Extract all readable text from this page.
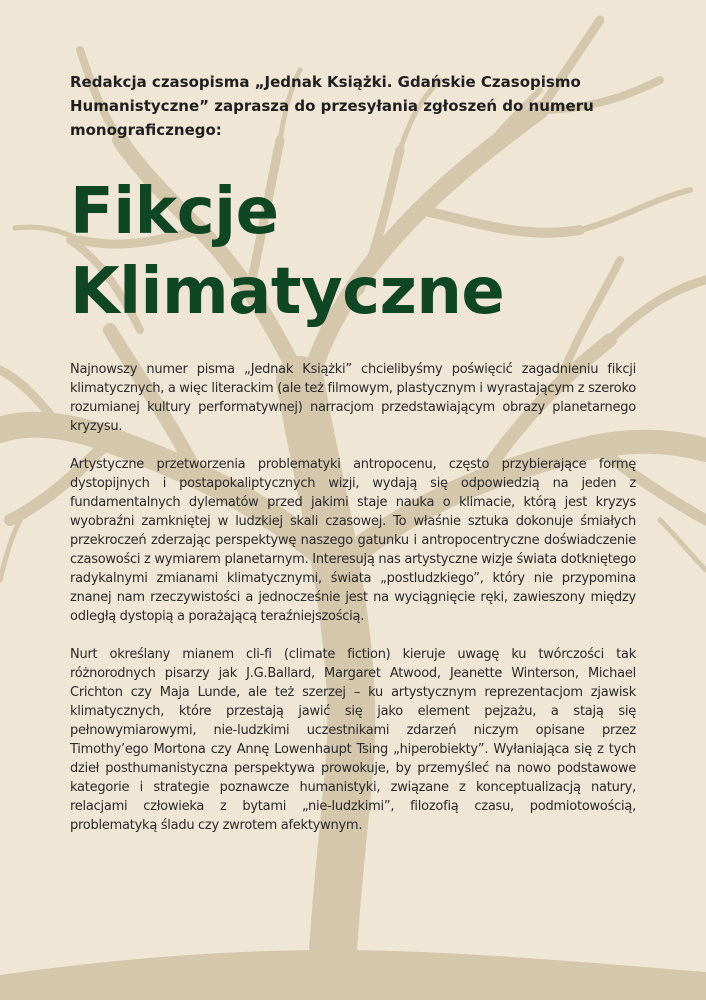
Redakcja czasopisma „Jednak Książki. Gdańskie Czasopismo Humanistyczne” zaprasza do przesyłania zgłoszeń do numeru monograficznego:

Fikcje
Klimatyczne

Najnowszy numer pisma „Jednak Książki” chcielibyśmy poświęcić zagadnieniu fikcji klimatycznych, a więc literackim (ale też filmowym, plastycznym i wyrastającym z szeroko rozumianej kultury performatywnej) narracjom przedstawiającym obrazy planetarnego kryzysu.

Artystyczne przetworzenia problematyki antropocenu, często przybierające formę dystopijnych i postapokaliptycznych wizji, wydają się odpowiedzią na jeden z fundamentalnych dylematów przed jakimi staje nauka o klimacie, którą jest kryzys wyobraźni zamkniętej w ludzkiej skali czasowej. To właśnie sztuka dokonuje śmiałych przekroczeń zderzając perspektywę naszego gatunku i antropocentryczne doświadczenie czasowości z wymiarem planetarnym. Interesują nas artystyczne wizje świata dotkniętego radykalnymi zmianami klimatycznymi, świata „postludzkiego”, który nie przypomina znanej nam rzeczywistości a jednocześnie jest na wyciągnięcie ręki, zawieszony między odległą dystopią a porażającą teraźniejszością.

Nurt określany mianem cli-fi (climate fiction) kieruje uwagę ku twórczości tak różnorodnych pisarzy jak J.G.Ballard, Margaret Atwood, Jeanette Winterson, Michael Crichton czy Maja Lunde, ale też szerzej – ku artystycznym reprezentacjom zjawisk klimatycznych, które przestają jawić się jako element pejzażu, a stają się pełnowymiarowymi, nie-ludzkimi uczestnikami zdarzeń niczym opisane przez Timothy’ego Mortona czy Annę Lowenhaupt Tsing „hiperobiekty”. Wyłaniająca się z tych dzieł posthumanistyczna perspektywa prowokuje, by przemyśleć na nowo podstawowe kategorie i strategie poznawcze humanistyki, związane z konceptualizacją natury, relacjami człowieka z bytami „nie-ludzkimi”, filozofią czasu, podmiotowością, problematyką śladu czy zwrotem afektywnym.
